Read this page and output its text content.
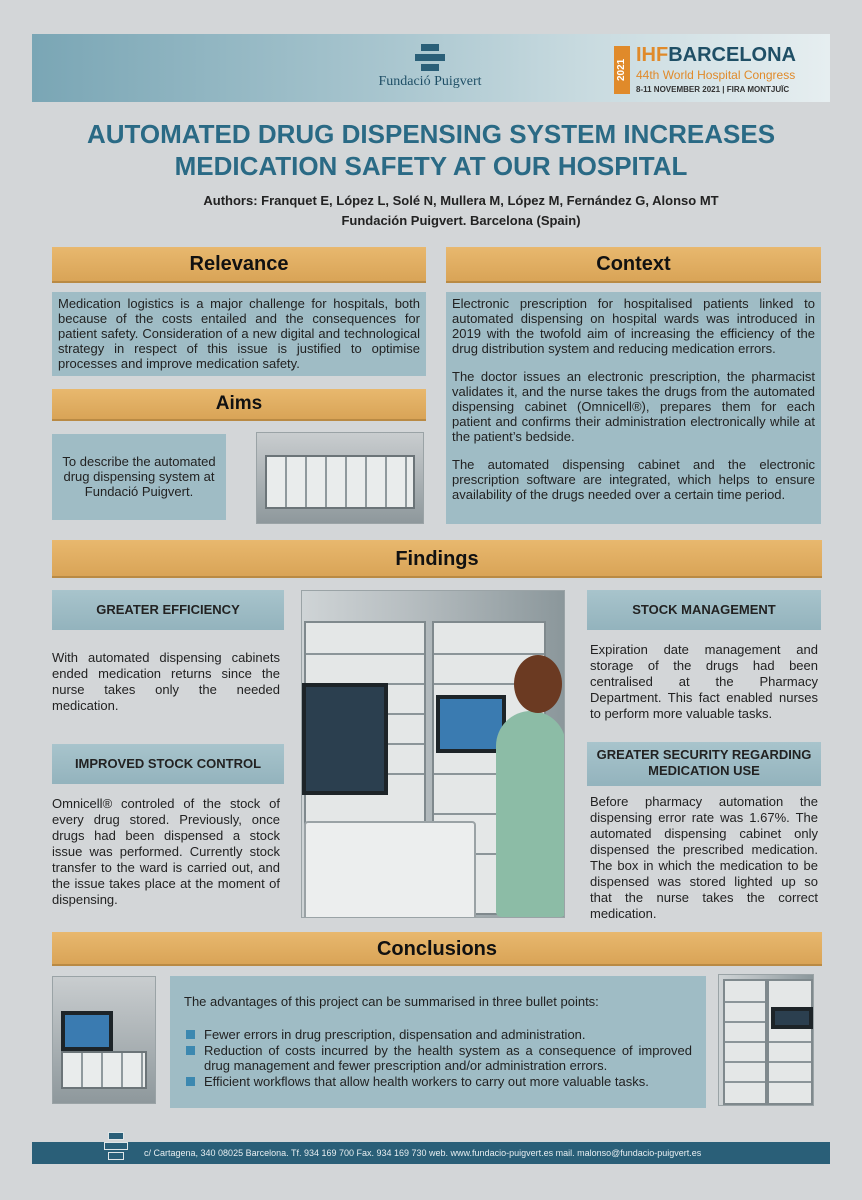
Fundació Puigvert
2021
IHFBARCELONA
44th World Hospital Congress
8-11 NOVEMBER 2021 | FIRA MONTJUÏC
AUTOMATED DRUG DISPENSING SYSTEM INCREASES
MEDICATION SAFETY AT OUR HOSPITAL
Authors: Franquet E, López L, Solé N, Mullera M, López M, Fernández G, Alonso MT
Fundación Puigvert. Barcelona (Spain)
Relevance
Medication logistics is a major challenge for hospitals, both because of the costs entailed and the consequences for patient safety. Consideration of a new digital and technological strategy in respect of this issue is justified to optimise processes and improve medication safety.
Aims
To describe the automated drug dispensing system at Fundació Puigvert.
Context

Electronic prescription for hospitalised patients linked to automated dispensing on hospital wards was introduced in 2019 with the twofold aim of increasing the efficiency of the drug distribution system and reducing medication errors.

The doctor issues an electronic prescription, the pharmacist validates it, and the nurse takes the drugs from the automated dispensing cabinet (Omnicell®), prepares them for each patient and confirms their administration electronically while at the patient’s bedside.

The automated dispensing cabinet and the electronic prescription software are integrated, which helps to ensure availability of the drugs needed over a certain time period.

Findings
GREATER EFFICIENCY
With automated dispensing cabinets ended medication returns since the nurse takes only the needed medication.
IMPROVED STOCK CONTROL
Omnicell® controled of the stock of every drug stored. Previously, once drugs had been dispensed a stock issue was performed. Currently stock transfer to the ward is carried out, and the issue takes place at the moment of dispensing.
STOCK MANAGEMENT
Expiration date management and storage of the drugs had been centralised at the Pharmacy Department. This fact enabled nurses to perform more valuable tasks.
GREATER SECURITY REGARDING MEDICATION USE
Before pharmacy automation the dispensing error rate was 1.67%. The automated dispensing cabinet only dispensed the prescribed medication. The box in which the medication to be dispensed was stored lighted up so that the nurse takes the correct medication.
Conclusions
The advantages of this project can be summarised in three bullet points:
Fewer errors in drug prescription, dispensation and administration.
Reduction of costs incurred by the health system as a consequence of improved drug management and fewer prescription and/or administration errors.
Efficient workflows that allow health workers to carry out more valuable tasks.
c/ Cartagena, 340 08025 Barcelona. Tf. 934 169 700 Fax. 934 169 730 web. www.fundacio-puigvert.es mail. malonso@fundacio-puigvert.es
